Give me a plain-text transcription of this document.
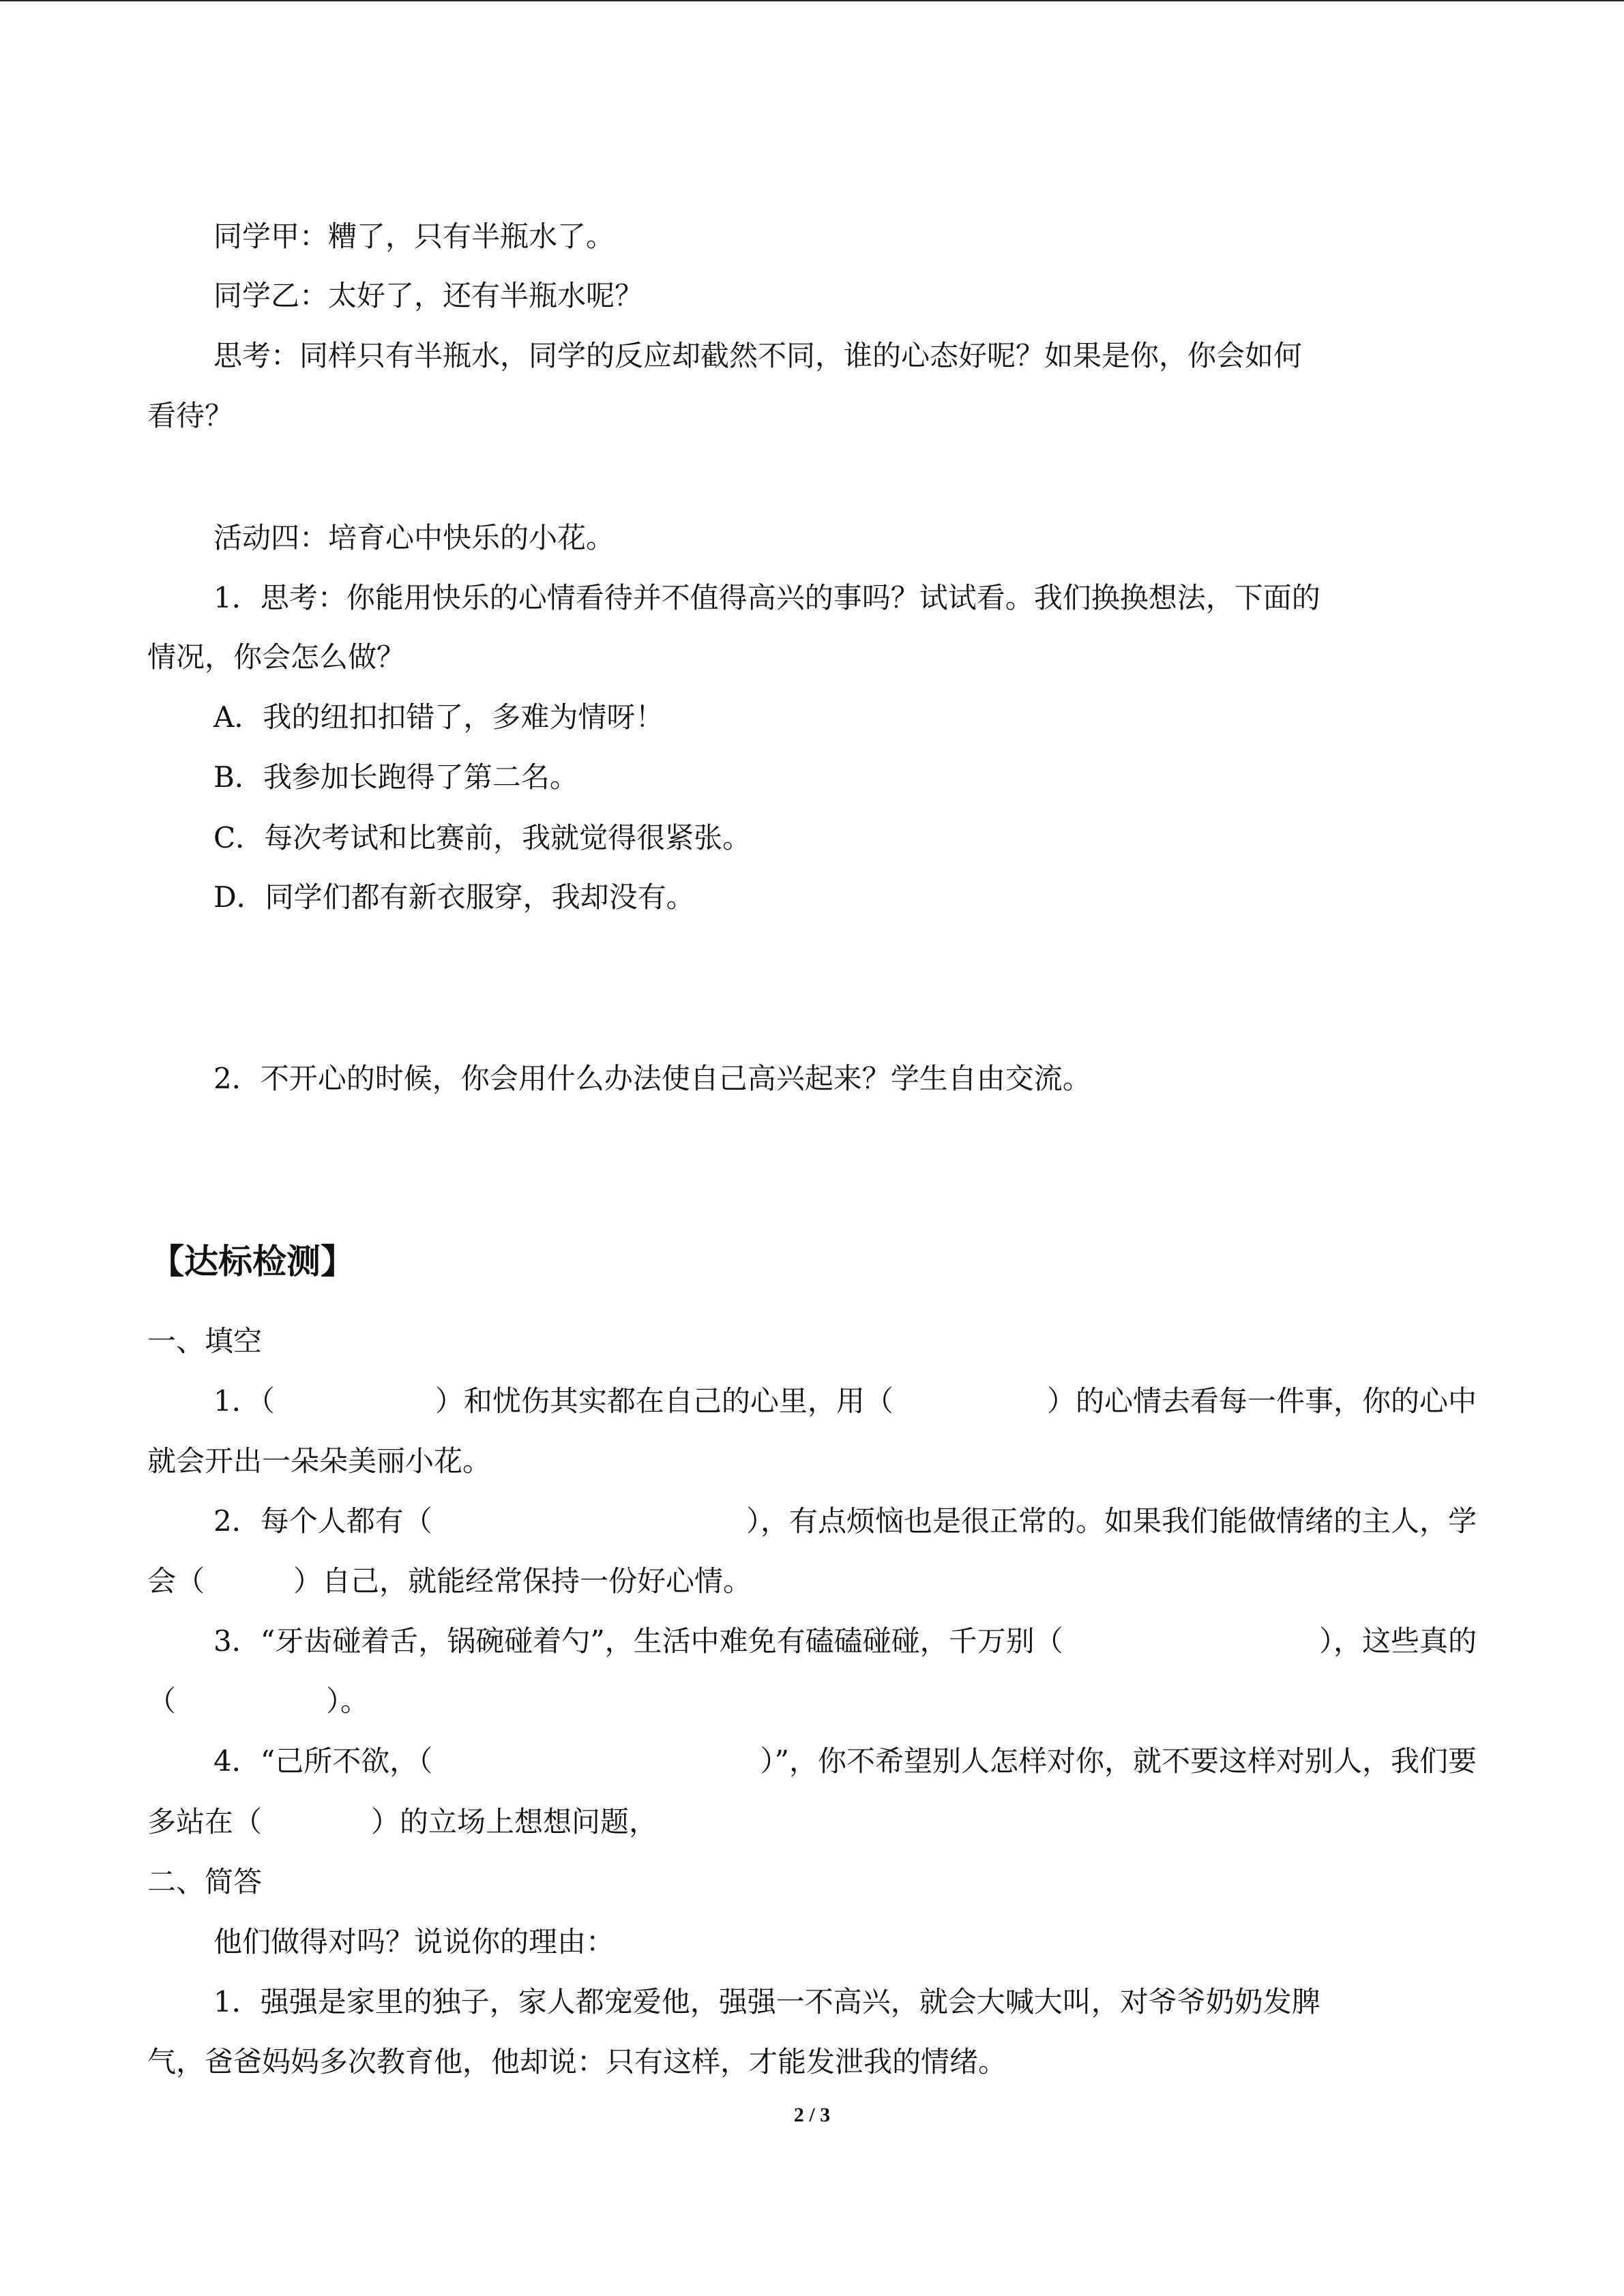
同学甲：糟了，只有半瓶水了。
同学乙：太好了，还有半瓶水呢？
思考：同样只有半瓶水，同学的反应却截然不同，谁的心态好呢？如果是你，你会如何
看待？
活动四：培育心中快乐的小花。
1．思考：你能用快乐的心情看待并不值得高兴的事吗？试试看。我们换换想法，下面的
情况，你会怎么做？
A．我的纽扣扣错了，多难为情呀！
B．我参加长跑得了第二名。
C．每次考试和比赛前，我就觉得很紧张。
D．同学们都有新衣服穿，我却没有。
2．不开心的时候，你会用什么办法使自己高兴起来？学生自由交流。
【达标检测】
一、填空
1．（	）和忧伤其实都在自己的心里，用（	）的心情去看每一件事，你的心中
就会开出一朵朵美丽小花。
2．每个人都有（	），有点烦恼也是很正常的。如果我们能做情绪的主人，学
会（	）自己，就能经常保持一份好心情。
3．“牙齿碰着舌，锅碗碰着勺”，生活中难免有磕磕碰碰，千万别（	），这些真的
（	）。
4．“己所不欲，（	）”，你不希望别人怎样对你，就不要这样对别人，我们要
多站在（	）的立场上想想问题，
二、简答
他们做得对吗？说说你的理由：
1．强强是家里的独子，家人都宠爱他，强强一不高兴，就会大喊大叫，对爷爷奶奶发脾
气，爸爸妈妈多次教育他，他却说：只有这样，才能发泄我的情绪。
2 / 3
